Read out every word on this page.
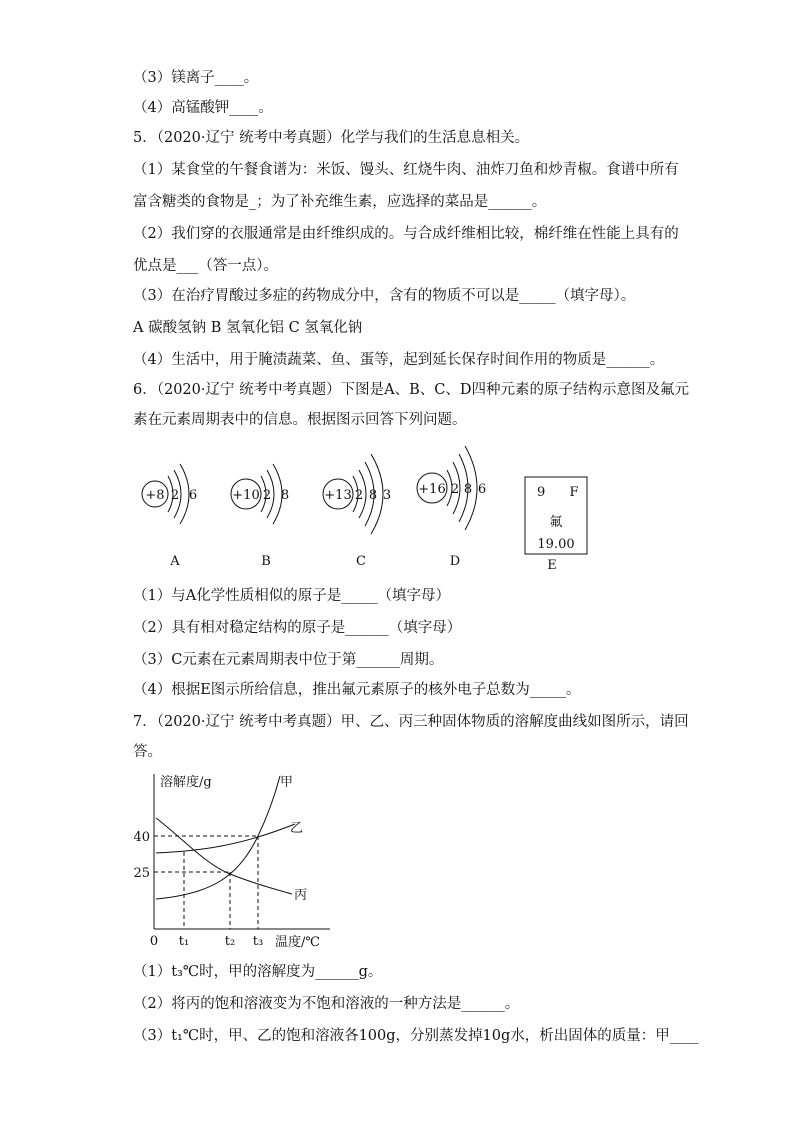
（3）镁离子____。
（4）高锰酸钾____。
5．（2020·辽宁 统考中考真题）化学与我们的生活息息相关。
（1）某食堂的午餐食谱为：米饭、馒头、红烧牛肉、油炸刀鱼和炒青椒。食谱中所有
富含糖类的食物是_；为了补充维生素，应选择的菜品是______。
（2）我们穿的衣服通常是由纤维织成的。与合成纤维相比较，棉纤维在性能上具有的
优点是___（答一点）。
（3）在治疗胃酸过多症的药物成分中，含有的物质不可以是_____（填字母）。
A 碳酸氢钠 B 氢氧化铝 C 氢氧化钠
（4）生活中，用于腌渍蔬菜、鱼、蛋等，起到延长保存时间作用的物质是______。
6．（2020·辽宁 统考中考真题）下图是A、B、C、D四种元素的原子结构示意图及氟元
素在元素周期表中的信息。根据图示回答下列问题。
+8 2 6
A
+10 2 8
B
+13 2 8 3
C
+16 2 8 6
D
9 F
氟
19.00
E
（1）与A化学性质相似的原子是_____（填字母）
（2）具有相对稳定结构的原子是______（填字母）
（3）C元素在元素周期表中位于第______周期。
（4）根据E图示所给信息，推出氟元素原子的核外电子总数为_____。
7．（2020·辽宁 统考中考真题）甲、乙、丙三种固体物质的溶解度曲线如图所示，请回
答。
溶解度/g
温度/℃
0
40
25
t₁	t₂ t₃
甲
乙
丙
（1）t₃℃时，甲的溶解度为______g。
（2）将丙的饱和溶液变为不饱和溶液的一种方法是______。
（3）t₁℃时，甲、乙的饱和溶液各100g，分别蒸发掉10g水，析出固体的质量：甲____
